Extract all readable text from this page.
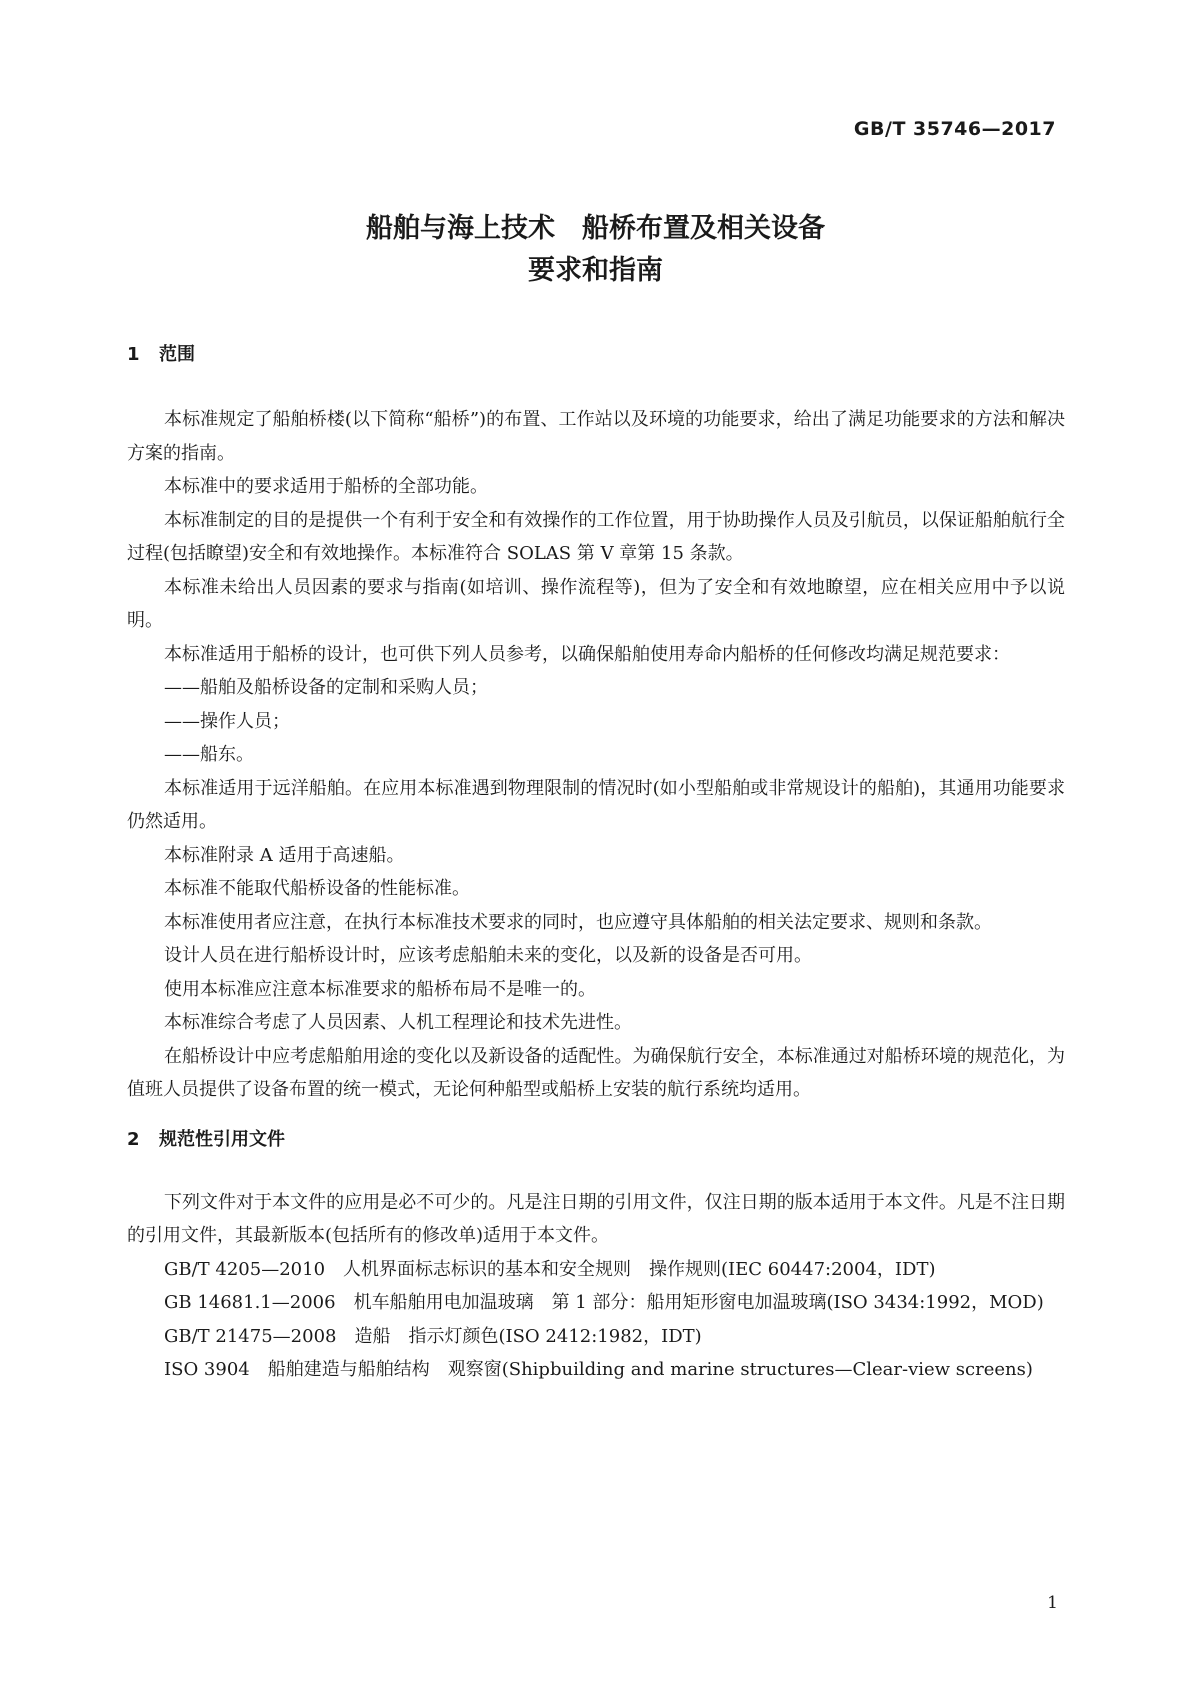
GB/T 35746—2017
船舶与海上技术　船桥布置及相关设备
要求和指南
1 范围

本标准规定了船舶桥楼(以下简称“船桥”)的布置、工作站以及环境的功能要求，给出了满足功能要求的方法和解决方案的指南。

本标准中的要求适用于船桥的全部功能。

本标准制定的目的是提供一个有利于安全和有效操作的工作位置，用于协助操作人员及引航员，以保证船舶航行全过程(包括瞭望)安全和有效地操作。本标准符合 SOLAS 第 V 章第 15 条款。

本标准未给出人员因素的要求与指南(如培训、操作流程等)，但为了安全和有效地瞭望，应在相关应用中予以说明。

本标准适用于船桥的设计，也可供下列人员参考，以确保船舶使用寿命内船桥的任何修改均满足规范要求：

——船舶及船桥设备的定制和采购人员；

——操作人员；

——船东。

本标准适用于远洋船舶。在应用本标准遇到物理限制的情况时(如小型船舶或非常规设计的船舶)，其通用功能要求仍然适用。

本标准附录 A 适用于高速船。

本标准不能取代船桥设备的性能标准。

本标准使用者应注意，在执行本标准技术要求的同时，也应遵守具体船舶的相关法定要求、规则和条款。

设计人员在进行船桥设计时，应该考虑船舶未来的变化，以及新的设备是否可用。

使用本标准应注意本标准要求的船桥布局不是唯一的。

本标准综合考虑了人员因素、人机工程理论和技术先进性。

在船桥设计中应考虑船舶用途的变化以及新设备的适配性。为确保航行安全，本标准通过对船桥环境的规范化，为值班人员提供了设备布置的统一模式，无论何种船型或船桥上安装的航行系统均适用。

2 规范性引用文件

下列文件对于本文件的应用是必不可少的。凡是注日期的引用文件，仅注日期的版本适用于本文件。凡是不注日期的引用文件，其最新版本(包括所有的修改单)适用于本文件。

GB/T 4205—2010　 人机界面标志标识的基本和安全规则　操作规则(IEC 60447:2004，IDT)

GB 14681.1—2006　 机车船舶用电加温玻璃　第 1 部分：船用矩形窗电加温玻璃(ISO 3434:1992，MOD)

GB/T 21475—2008　 造船　指示灯颜色(ISO 2412:1982，IDT)

ISO 3904　 船舶建造与船舶结构　观察窗(Shipbuilding and marine structures—Clear-view screens)

1
